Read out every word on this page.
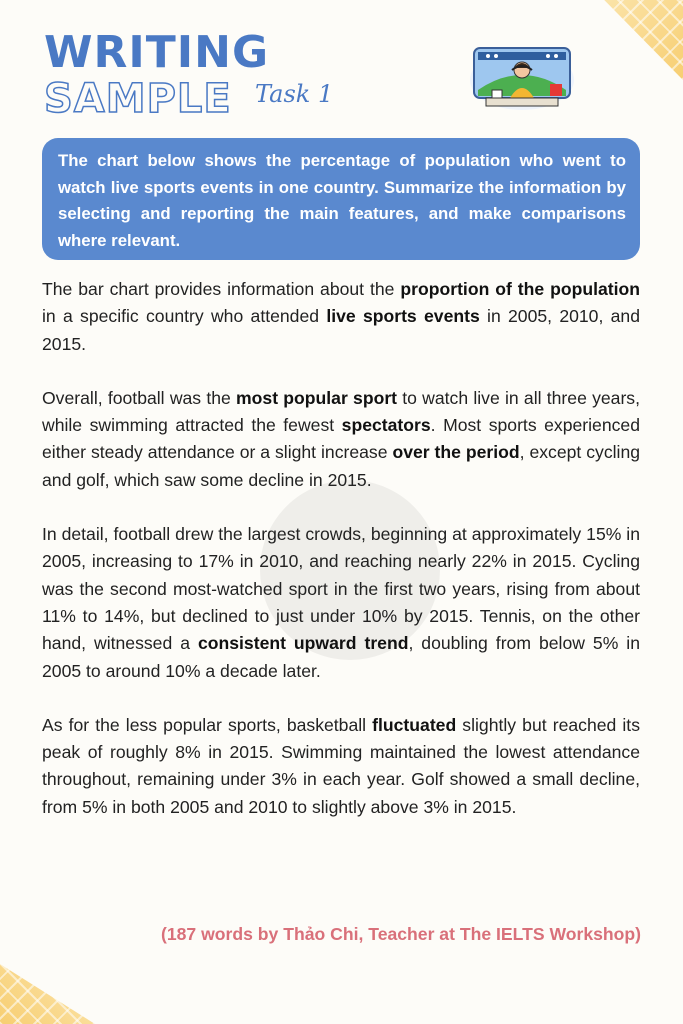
WRITING
SAMPLE Task 1

The chart below shows the percentage of population who went to watch live sports events in one country. Summarize the information by selecting and reporting the main features, and make comparisons where relevant.

The bar chart provides information about the proportion of the population in a specific country who attended live sports events in 2005, 2010, and 2015.

Overall, football was the most popular sport to watch live in all three years, while swimming attracted the fewest spectators. Most sports experienced either steady attendance or a slight increase over the period, except cycling and golf, which saw some decline in 2015.

In detail, football drew the largest crowds, beginning at approximately 15% in 2005, increasing to 17% in 2010, and reaching nearly 22% in 2015. Cycling was the second most-watched sport in the first two years, rising from about 11% to 14%, but declined to just under 10% by 2015. Tennis, on the other hand, witnessed a consistent upward trend, doubling from below 5% in 2005 to around 10% a decade later.

As for the less popular sports, basketball fluctuated slightly but reached its peak of roughly 8% in 2015. Swimming maintained the lowest attendance throughout, remaining under 3% in each year. Golf showed a small decline, from 5% in both 2005 and 2010 to slightly above 3% in 2015.

(187 words by Thảo Chi, Teacher at The IELTS Workshop)
